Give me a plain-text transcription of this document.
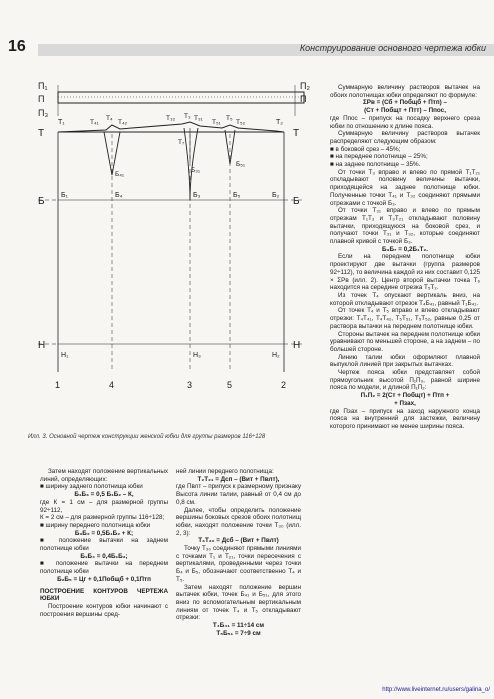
16	Конструирование основного чертежа юбки
П₁	П₂
П	П
П₃
Т	Т
Т₁	Т₄₁
Т₄
Т₄₂
Т₃₂ Т₃ Т₃₁
Т₅₁
Т₅
Т₅₂	Т₂
Т₇
Б₄₁
Б₃₁
Б₅₁
Б	Б
Б₁	Б₄	Б₃	Б₅	Б₂
Н	Н
Н₁	Н₃	Н₂
1	4	3	5	2
Илл. 3. Основной чертеж конструкции женской юбки для группы размеров 116÷128

Затем находят положение вертикальных линий, определяющих:

■ ширину заднего полотнища юбки

Б₁Б₃ = 0,5 Б₁Б₂ – К,

где К = 1 см – для размерной группы 92÷112,

К = 2 см – для размерной группы 116÷128;

■ ширину переднего полотнища юбки

Б₃Б₂ = 0,5Б₁Б₂ + К;

■ положение вытачки на заднем полотнище юбки

Б₁Б₄ = 0,4Б₁Б₃;

■ положение вытачки на переднем полотнище юбки

Б₂Б₅ = Цг + 0,1Побщб + 0,1Птп

ПОСТРОЕНИЕ КОНТУРОВ ЧЕРТЕЖА ЮБКИ

Построение контуров юбки начинают с построения вершины сред-

ней линии переднего полотнища:

Т₂Т₂₁ = Дсп – (Вит + Пвлт),

где Пвлт – припуск к размерному признаку Высота линии талии, равный от 0,4 см до 0,8 см.

Далее, чтобы определить положение вершины боковых срезов обоих полотнищ юбки, находят положение точки Т₃₀ (илл. 2, 3):

Т₃Т₃₀ = Дсб – (Вит + Пвлт)

Точку Т₃₀ соединяют прямыми линиями с точками Т₁ и Т₂₁, точки пересечения с вертикалями, проведенными через точки Б₄ и Б₅, обозначают соответственно Т₄ и Т₅.

Затем находят положение вершин вытачек юбки, точек Б₄₁ и Б₅₁, для этого вниз по вспомогательным вертикальным линиям от точек Т₄ и Т₅ откладывают отрезки:

Т₄Б₄₁ = 11÷14 см

Т₅Б₅₁ = 7÷9 см

Суммарную величину растворов вытачек на обоих полотнищах юбки определяют по формуле:

ΣРв = (Сб + Побщб + Птп) –

(Ст + Побщт + Птт) – Ппос,

где Ппос – припуск на посадку верхнего среза юбки по отношению к длине пояса.

Суммарную величину растворов вытачек распределяют следующим образом:

■ в боковой срез – 45%;

■ на переднее полотнище – 25%;

■ на заднее полотнище – 35%.

От точки Т₃ вправо и влево по прямой Т₁Т₂₁ откладывают половину величины вытачки, приходящейся на заднее полотнище юбки. Полученные точки Т₄₁ и Т₃₂ соединяют прямыми отрезками с точкой Б₃.

От точки Т₃₁ вправо и влево по прямым отрезкам Т₁Т₃ и Т₃Т₂₁ откладывают половину вытачки, приходящуюся на боковой срез, и получают точки Т₃₁ и Т₃₂, которые соединяют плавной кривой с точкой Б₃.

Б₃Б₇ = 0,2Б₁Т₂.

Если на переднем полотнище юбки проектируют две вытачки (группа размеров 92÷112), то величина каждой из них составит 0,125 × ΣРв (илл. 2). Центр второй вытачки точка Т₆ находится на середине отрезка Т₅Т₂.

Из точек Т₄ опускают вертикаль вниз, на которой откладывают отрезок Т₄Б₄₁, равный Т₁Б₄₁.

От точек Т₄ и Т₅ вправо и влево откладывают отрезки: Т₄Т₄₁, Т₄Т₄₂, Т₅Т₅₁, Т₅Т₅₂, равные 0,25 от раствора вытачки на переднем полотнище юбки.

Стороны вытачек на переднем полотнище юбки уравнивают по меньшей стороне, а на заднем – по большей стороне.

Линию талии юбки оформляют плавной выпуклой линией при закрытых вытачках.

Чертеж пояса юбки представляет собой прямоугольник высотой П₁П₃, равной ширине пояса по модели, и длиной П₁П₂:

П₁П₂ = 2(Ст + Побщт) + Птп +

+ Пзах,

где Пзах – припуск на заход наружного конца пояса на внутренний для застежки, величину которого принимают не менее ширины пояса.

http://www.liveinternet.ru/users/galina_o/
